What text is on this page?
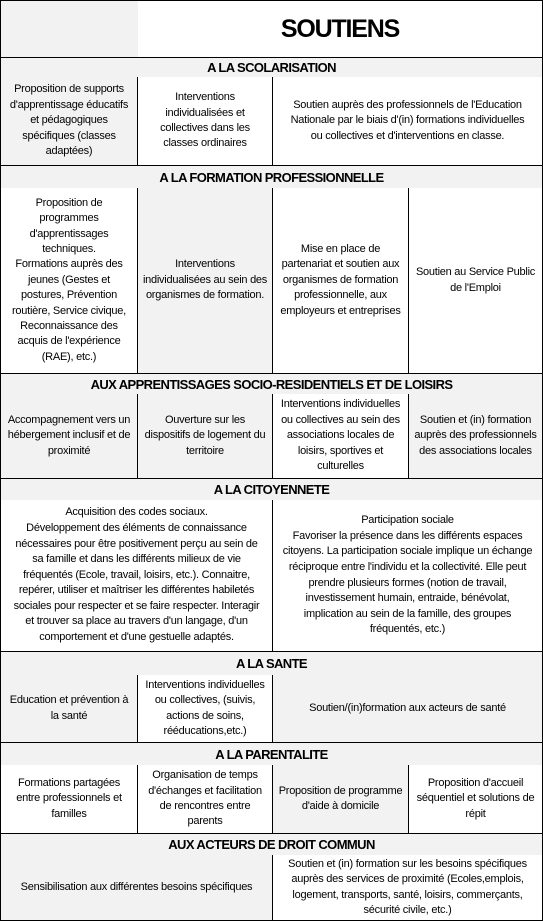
SOUTIENS
A LA SCOLARISATION
Proposition de supports
d'apprentissage éducatifs
et pédagogiques
spécifiques (classes
adaptées)
Interventions
individualisées et
collectives dans les
classes ordinaires
Soutien auprès des professionnels de l'Education
Nationale par le biais d'(in) formations individuelles
ou collectives et d'interventions en classe.
A LA FORMATION PROFESSIONNELLE
Proposition de
programmes
d'apprentissages
techniques.
Formations auprès des
jeunes (Gestes et
postures, Prévention
routière, Service civique,
Reconnaissance des
acquis de l'expérience
(RAE), etc.)
Interventions
individualisées au sein des
organismes de formation.
Mise en place de
partenariat et soutien aux
organismes de formation
professionnelle, aux
employeurs et entreprises
Soutien au Service Public
de l'Emploi
AUX APPRENTISSAGES SOCIO-RESIDENTIELS ET DE LOISIRS
Accompagnement vers un
hébergement inclusif et de
proximité
Ouverture sur les
dispositifs de logement du
territoire
Interventions individuelles
ou collectives au sein des
associations locales de
loisirs, sportives et
culturelles
Soutien et (in) formation
auprès des professionnels
des associations locales
A LA CITOYENNETE
Acquisition des codes sociaux.
Développement des éléments de connaissance
nécessaires pour être positivement perçu au sein de
sa famille et dans les différents milieux de vie
fréquentés (Ecole, travail, loisirs, etc.). Connaitre,
repérer, utiliser et maîtriser les différentes habiletés
sociales pour respecter et se faire respecter. Interagir
et trouver sa place au travers d'un langage, d'un
comportement et d'une gestuelle adaptés.
Participation sociale
Favoriser la présence dans les différents espaces
citoyens. La participation sociale implique un échange
réciproque entre l'individu et la collectivité. Elle peut
prendre plusieurs formes (notion de travail,
investissement humain, entraide, bénévolat,
implication au sein de la famille, des groupes
fréquentés, etc.)
A LA SANTE
Education et prévention à
la santé
Interventions individuelles
ou collectives, (suivis,
actions de soins,
rééducations,etc.)
Soutien/(in)formation aux acteurs de santé
A LA PARENTALITE
Formations partagées
entre professionnels et
familles
Organisation de temps
d'échanges et facilitation
de rencontres entre
parents
Proposition de programme
d'aide à domicile
Proposition d'accueil
séquentiel et solutions de
répit
AUX ACTEURS DE DROIT COMMUN
Sensibilisation aux différentes besoins spécifiques
Soutien et (in) formation sur les besoins spécifiques
auprès des services de proximité (Ecoles,emplois,
logement, transports, santé, loisirs, commerçants,
sécurité civile, etc.)
